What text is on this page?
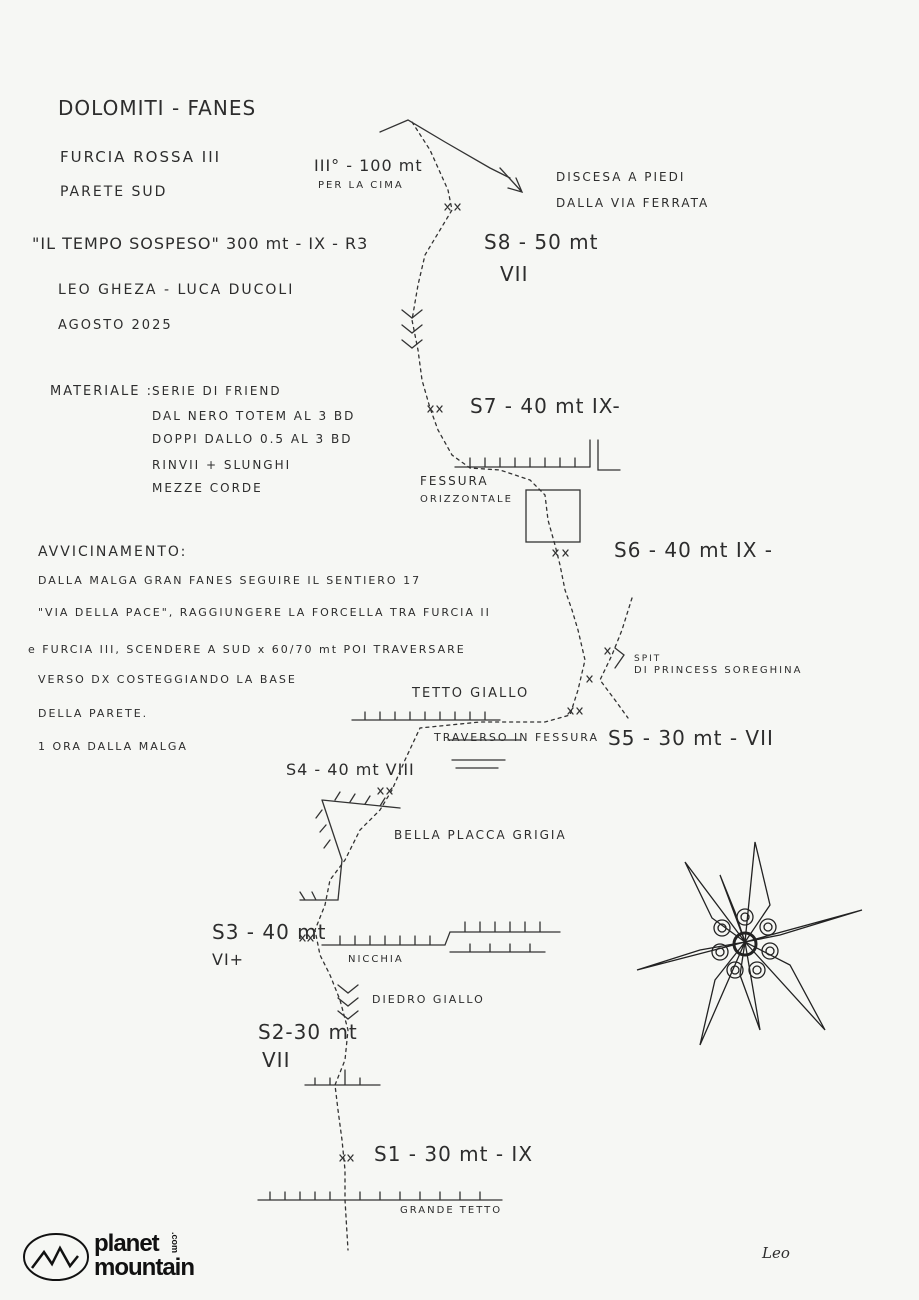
DOLOMITI - FANES
FURCIA ROSSA III
PARETE SUD
"IL TEMPO SOSPESO" 300 mt - IX - R3
LEO GHEZA - LUCA DUCOLI
AGOSTO 2025
MATERIALE : SERIE DI FRIEND
DAL NERO TOTEM AL 3 BD
DOPPI DALLO 0.5 AL 3 BD
RINVII + SLUNGHI
MEZZE CORDE
AVVICINAMENTO:
DALLA MALGA GRAN FANES SEGUIRE IL SENTIERO 17
"VIA DELLA PACE", RAGGIUNGERE LA FORCELLA TRA FURCIA II
e FURCIA III, SCENDERE A SUD x 60/70 mt POI TRAVERSARE
VERSO DX COSTEGGIANDO LA BASE
DELLA PARETE.
1 ORA DALLA MALGA
III° - 100 mt
PER LA CIMA
DISCESA A PIEDI
DALLA VIA FERRATA
S8 - 50 mt
VII
S7 - 40 mt IX-
FESSURA
ORIZZONTALE
S6 - 40 mt IX -
SPIT
DI PRINCESS SOREGHINA
TETTO GIALLO
TRAVERSO IN FESSURA S5 - 30 mt - VII
S4 - 40 mt VIII
BELLA PLACCA GRIGIA
S3 - 40 mt
VI+	NICCHIA
DIEDRO GIALLO
S2-30 mt
VII
S1 - 30 mt - IX
GRANDE TETTO
Leo
planet
mountain
.com
